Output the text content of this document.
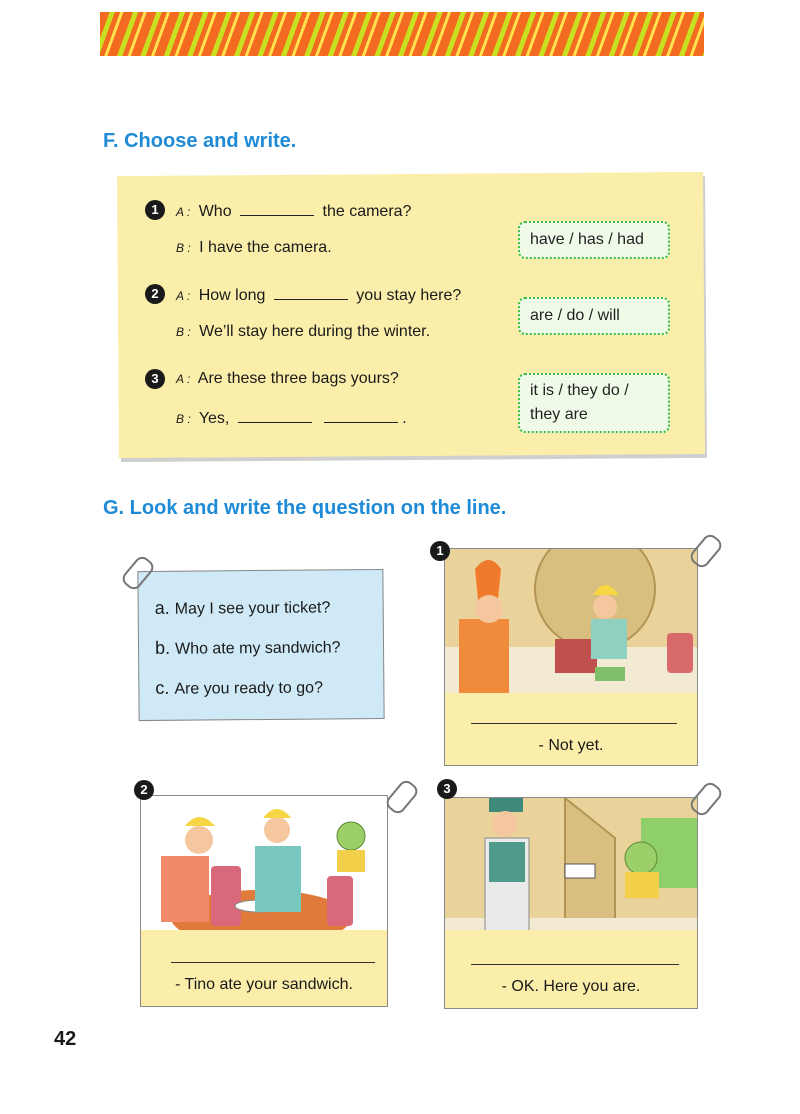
F. Choose and write.
1	A : Who	the camera?
B : I have the camera.
2	A : How long	you stay here?
B : We’ll stay here during the winter.
3	A : Are these three bags yours?
B : Yes,	.
have / has / had
are / do / will
it is / they do /
they are
G. Look and write the question on the line.
a. May I see your ticket?
b. Who ate my sandwich?
c. Are you ready to go?
- Not yet.
1
- Tino ate your sandwich.
2
- OK. Here you are.
3
42
